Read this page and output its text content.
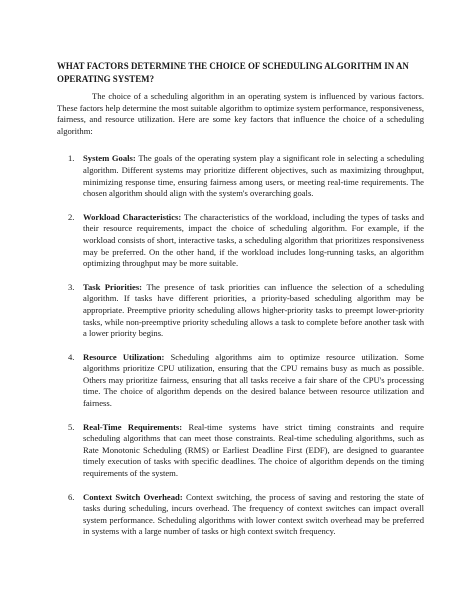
WHAT FACTORS DETERMINE THE CHOICE OF SCHEDULING ALGORITHM IN AN OPERATING SYSTEM?

The choice of a scheduling algorithm in an operating system is influenced by various factors. These factors help determine the most suitable algorithm to optimize system performance, responsiveness, fairness, and resource utilization. Here are some key factors that influence the choice of a scheduling algorithm:

1. System Goals: The goals of the operating system play a significant role in selecting a scheduling algorithm. Different systems may prioritize different objectives, such as maximizing throughput, minimizing response time, ensuring fairness among users, or meeting real-time requirements. The chosen algorithm should align with the system's overarching goals.
2. Workload Characteristics: The characteristics of the workload, including the types of tasks and their resource requirements, impact the choice of scheduling algorithm. For example, if the workload consists of short, interactive tasks, a scheduling algorithm that prioritizes responsiveness may be preferred. On the other hand, if the workload includes long-running tasks, an algorithm optimizing throughput may be more suitable.
3. Task Priorities: The presence of task priorities can influence the selection of a scheduling algorithm. If tasks have different priorities, a priority-based scheduling algorithm may be appropriate. Preemptive priority scheduling allows higher-priority tasks to preempt lower-priority tasks, while non-preemptive priority scheduling allows a task to complete before another task with a lower priority begins.
4. Resource Utilization: Scheduling algorithms aim to optimize resource utilization. Some algorithms prioritize CPU utilization, ensuring that the CPU remains busy as much as possible. Others may prioritize fairness, ensuring that all tasks receive a fair share of the CPU's processing time. The choice of algorithm depends on the desired balance between resource utilization and fairness.
5. Real-Time Requirements: Real-time systems have strict timing constraints and require scheduling algorithms that can meet those constraints. Real-time scheduling algorithms, such as Rate Monotonic Scheduling (RMS) or Earliest Deadline First (EDF), are designed to guarantee timely execution of tasks with specific deadlines. The choice of algorithm depends on the timing requirements of the system.
6. Context Switch Overhead: Context switching, the process of saving and restoring the state of tasks during scheduling, incurs overhead. The frequency of context switches can impact overall system performance. Scheduling algorithms with lower context switch overhead may be preferred in systems with a large number of tasks or high context switch frequency.
